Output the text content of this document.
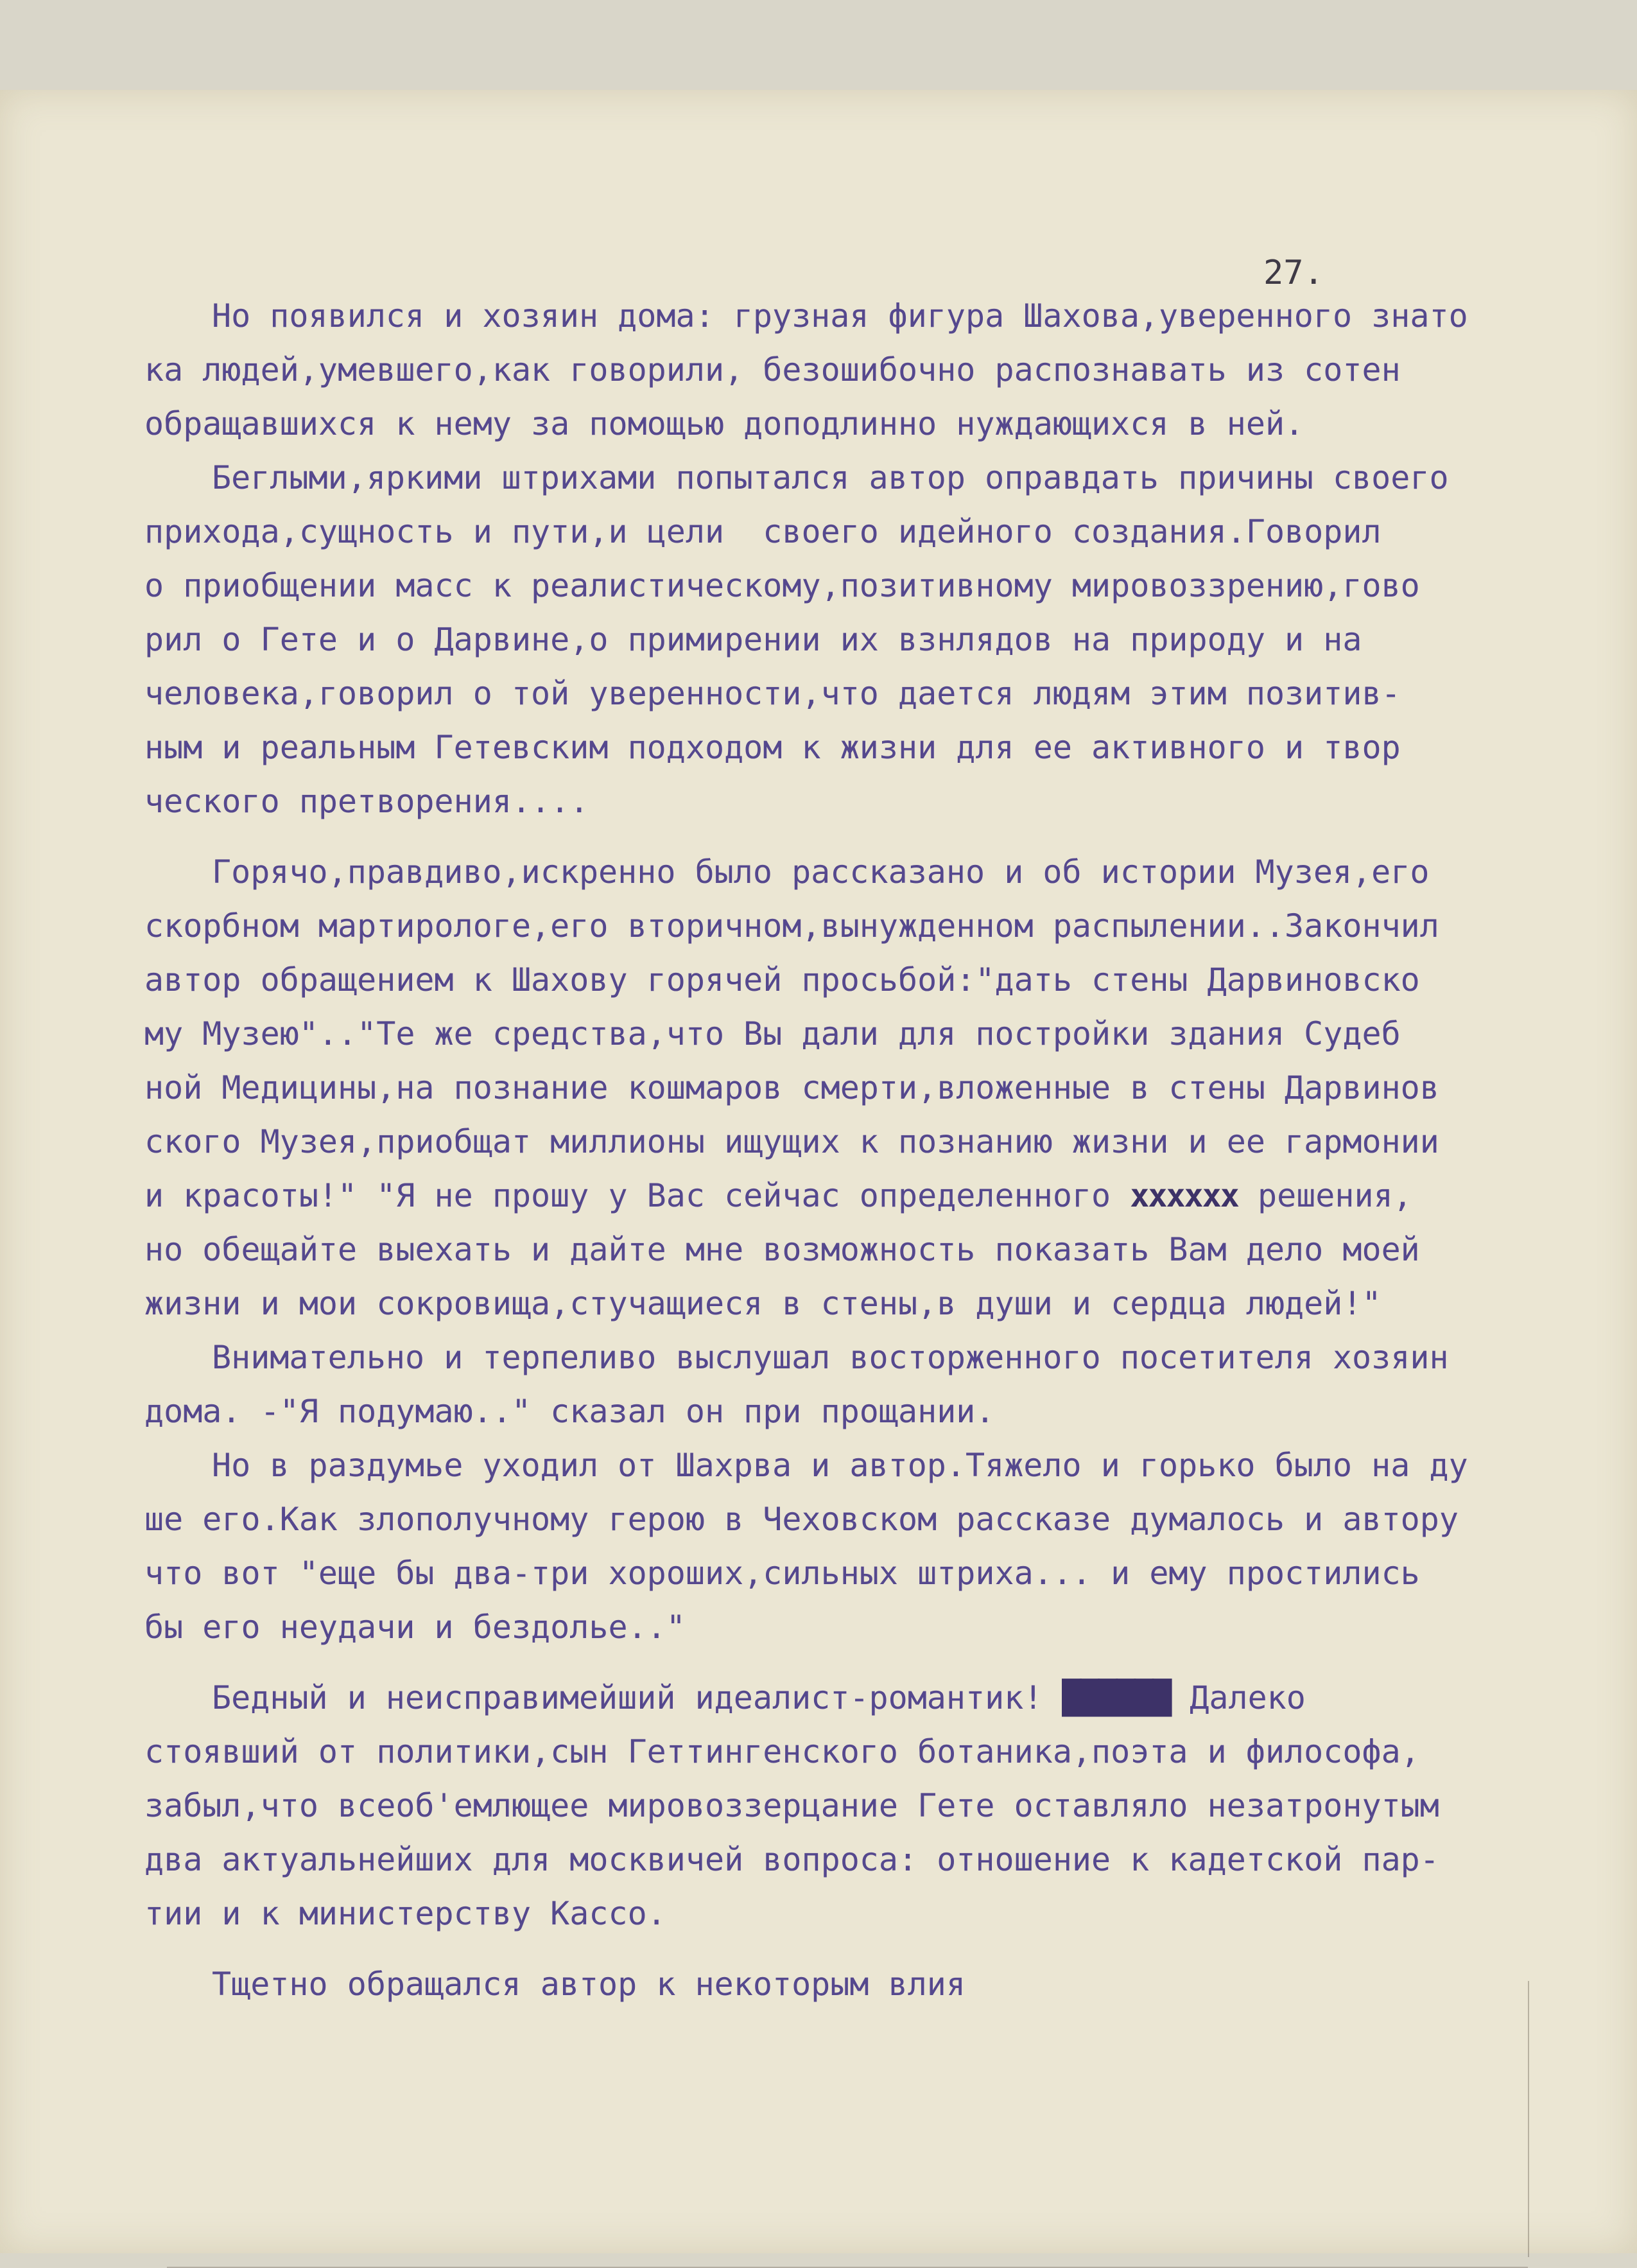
27.
Но появился и хозяин дома: грузная фигура Шахова,уверенного знато
ка людей,умевшего,как говорили, безошибочно распознавать из сотен
обращавшихся к нему за помощью доподлинно нуждающихся в ней.
Беглыми,яркими штрихами попытался автор оправдать причины своего
прихода,сущность и пути,и цели  своего идейного создания.Говорил
о приобщении масс к реалистическому,позитивному мировоззрению,гово
рил о Гете и о Дарвине,о примирении их взнлядов на природу и на
человека,говорил о той уверенности,что дается людям этим позитив-
ным и реальным Гетевским подходом к жизни для ее активного и твор
ческого претворения....
Горячо,правдиво,искренно было рассказано и об истории Музея,его
скорбном мартирологе,его вторичном,вынужденном распылении..Закончил
автор обращением к Шахову горячей просьбой:"дать стены Дарвиновско
му Музею".."Те же средства,что Вы дали для постройки здания Судеб
ной Медицины,на познание кошмаров смерти,вложенные в стены Дарвинов
ского Музея,приобщат миллионы ищущих к познанию жизни и ее гармонии
и красоты!" "Я не прошу у Вас сейчас определенного xxxxxx решения,
но обещайте выехать и дайте мне возможность показать Вам дело моей
жизни и мои сокровища,стучащиеся в стены,в души и сердца людей!"
Внимательно и терпеливо выслушал восторженного посетителя хозяин
дома. -"Я подумаю.." сказал он при прощании.
Но в раздумье уходил от Шахрва и автор.Тяжело и горько было на ду
ше его.Как злополучному герою в Чеховском рассказе думалось и автору
что вот "еще бы два-три хороших,сильных штриха... и ему простились
бы его неудачи и бездолье.."
Бедный и неисправимейший идеалист-романтик! ██████ Далеко
стоявший от политики,сын Геттингенского ботаника,поэта и философа,
забыл,что всеоб'емлющее мировоззерцание Гете оставляло незатронутым
два актуальнейших для москвичей вопроса: отношение к кадетской пар-
тии и к министерству Кассо.
Тщетно обращался автор к некоторым влия
